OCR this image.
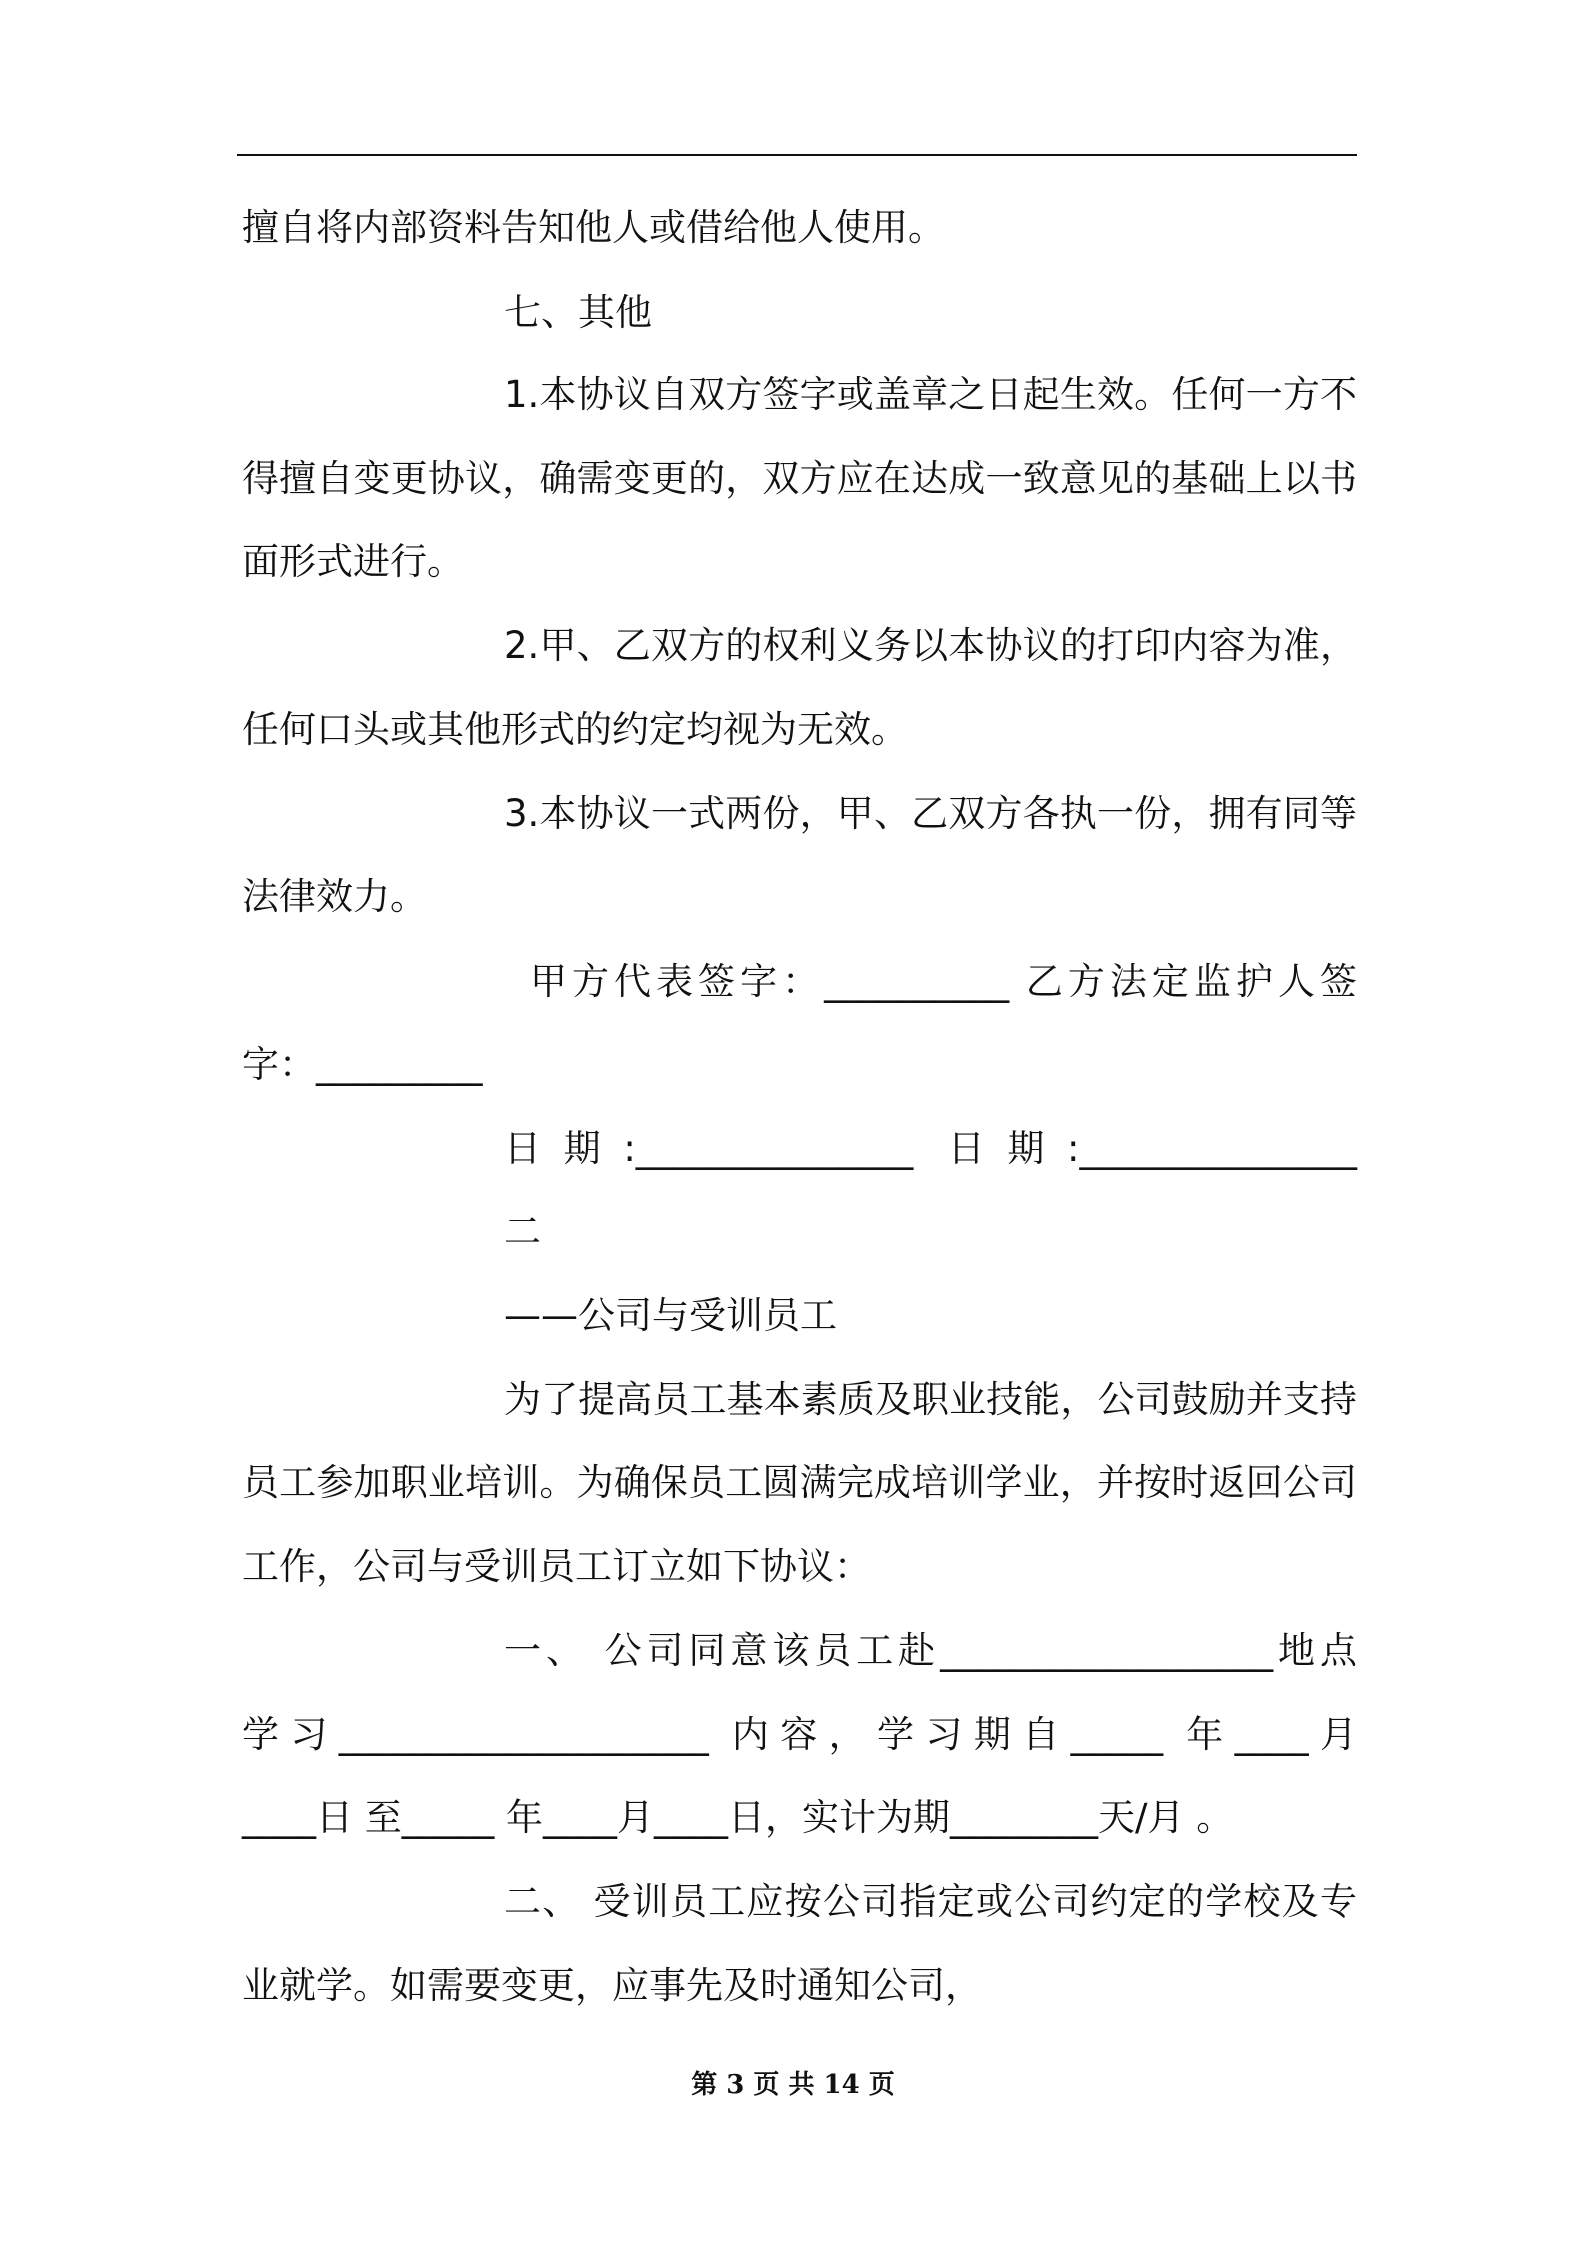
擅自将内部资料告知他人或借给他人使用。

七、其他

1.本协议自双方签字或盖章之日起生效。任何一方不

得擅自变更协议，确需变更的，双方应在达成一致意见的基础上以书

面形式进行。

2.甲、乙双方的权利义务以本协议的打印内容为准，

任何口头或其他形式的约定均视为无效。

3.本协议一式两份，甲、乙双方各执一份，拥有同等

法律效力。

甲方代表签字：__________ 乙方法定监护人签

字：_________

日期:_______________ 日期:_______________

二

——公司与受训员工

为了提高员工基本素质及职业技能，公司鼓励并支持

员工参加职业培训。为确保员工圆满完成培训学业，并按时返回公司

工作，公司与受训员工订立如下协议：

一、 公司同意该员工赴__________________地点

学习____________________ 内容，学习期自_____ 年____月

____日 至_____ 年____月____日，实计为期________天/月 。

二、 受训员工应按公司指定或公司约定的学校及专

业就学。如需要变更，应事先及时通知公司，

第 3 页 共 14 页
